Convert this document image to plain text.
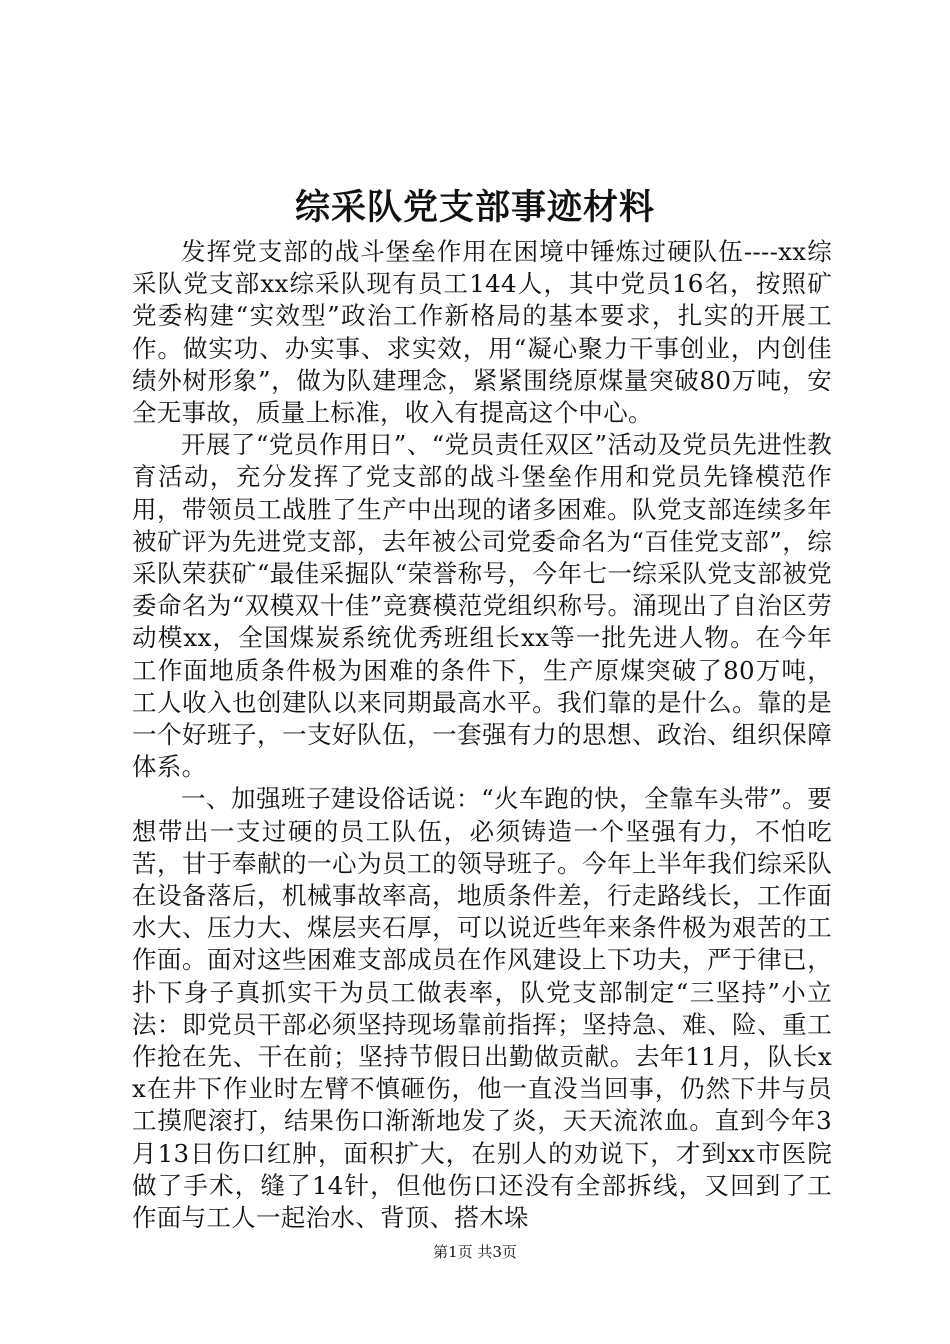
综采队党支部事迹材料

发挥党支部的战斗堡垒作用在困境中锤炼过硬队伍----xx综采队党支部xx综采队现有员工144人，其中党员16名，按照矿党委构建“实效型”政治工作新格局的基本要求，扎实的开展工作。做实功、办实事、求实效，用“凝心聚力干事创业，内创佳绩外树形象”，做为队建理念，紧紧围绕原煤量突破80万吨，安全无事故，质量上标准，收入有提高这个中心。

开展了“党员作用日”、“党员责任双区”活动及党员先进性教育活动，充分发挥了党支部的战斗堡垒作用和党员先锋模范作用，带领员工战胜了生产中出现的诸多困难。队党支部连续多年被矿评为先进党支部，去年被公司党委命名为“百佳党支部”，综采队荣获矿“最佳采掘队“荣誉称号，今年七一综采队党支部被党委命名为“双模双十佳”竞赛模范党组织称号。涌现出了自治区劳动模xx，全国煤炭系统优秀班组长xx等一批先进人物。在今年工作面地质条件极为困难的条件下，生产原煤突破了80万吨，工人收入也创建队以来同期最高水平。我们靠的是什么。靠的是一个好班子，一支好队伍，一套强有力的思想、政治、组织保障体系。

一、加强班子建设俗话说：“火车跑的快，全靠车头带”。要想带出一支过硬的员工队伍，必须铸造一个坚强有力，不怕吃苦，甘于奉献的一心为员工的领导班子。今年上半年我们综采队在设备落后，机械事故率高，地质条件差，行走路线长，工作面水大、压力大、煤层夹石厚，可以说近些年来条件极为艰苦的工作面。面对这些困难支部成员在作风建设上下功夫，严于律已，扑下身子真抓实干为员工做表率，队党支部制定“三坚持”小立法：即党员干部必须坚持现场靠前指挥；坚持急、难、险、重工作抢在先、干在前；坚持节假日出勤做贡献。去年11月，队长xx在井下作业时左臂不慎砸伤，他一直没当回事，仍然下井与员工摸爬滚打，结果伤口渐渐地发了炎，天天流浓血。直到今年3月13日伤口红肿，面积扩大，在别人的劝说下，才到xx市医院做了手术，缝了14针，但他伤口还没有全部拆线，又回到了工作面与工人一起治水、背顶、搭木垛

第1页 共3页
